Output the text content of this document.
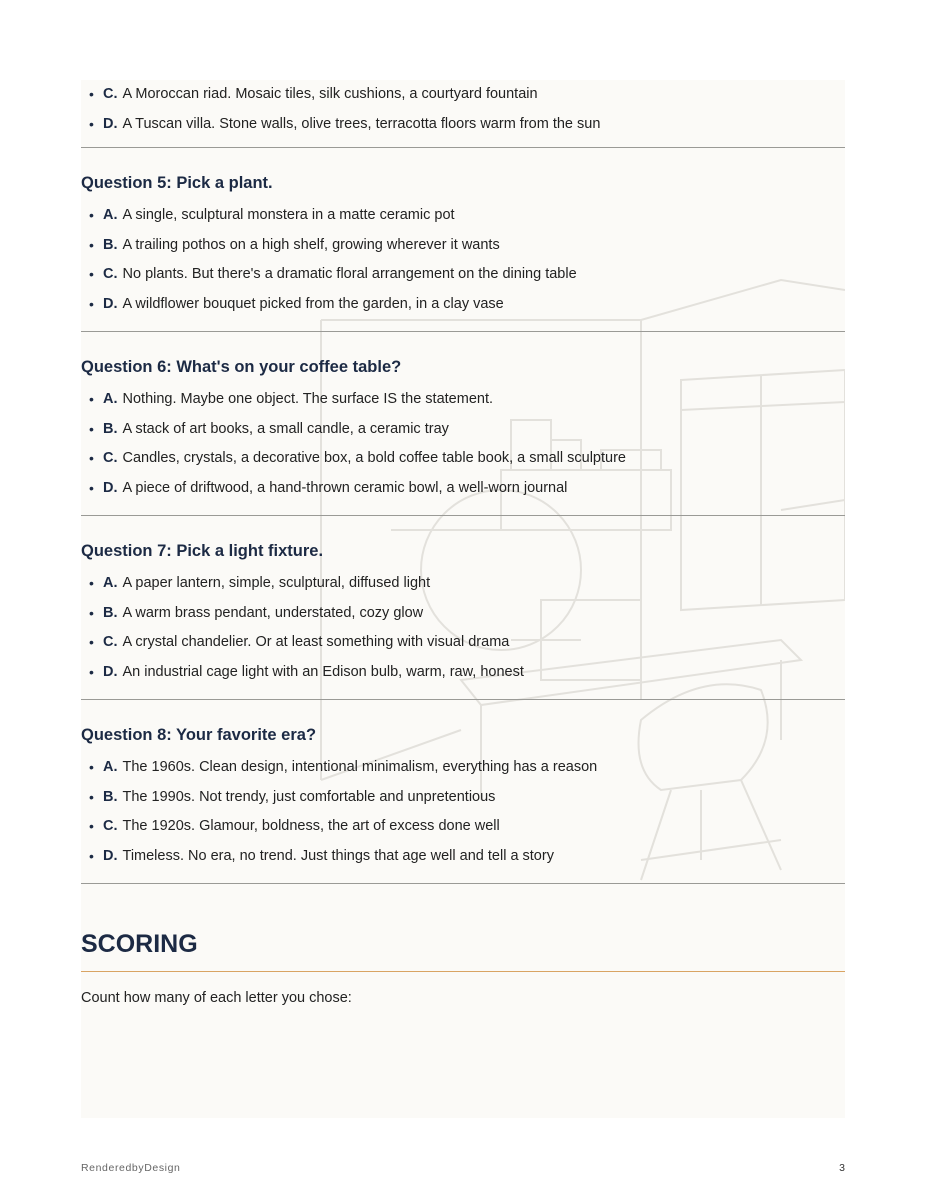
• C. A Moroccan riad. Mosaic tiles, silk cushions, a courtyard fountain
• D. A Tuscan villa. Stone walls, olive trees, terracotta floors warm from the sun
Question 5: Pick a plant.
• A. A single, sculptural monstera in a matte ceramic pot
• B. A trailing pothos on a high shelf, growing wherever it wants
• C. No plants. But there's a dramatic floral arrangement on the dining table
• D. A wildflower bouquet picked from the garden, in a clay vase
Question 6: What's on your coffee table?
• A. Nothing. Maybe one object. The surface IS the statement.
• B. A stack of art books, a small candle, a ceramic tray
• C. Candles, crystals, a decorative box, a bold coffee table book, a small sculpture
• D. A piece of driftwood, a hand-thrown ceramic bowl, a well-worn journal
Question 7: Pick a light fixture.
• A. A paper lantern, simple, sculptural, diffused light
• B. A warm brass pendant, understated, cozy glow
• C. A crystal chandelier. Or at least something with visual drama
• D. An industrial cage light with an Edison bulb, warm, raw, honest
Question 8: Your favorite era?
• A. The 1960s. Clean design, intentional minimalism, everything has a reason
• B. The 1990s. Not trendy, just comfortable and unpretentious
• C. The 1920s. Glamour, boldness, the art of excess done well
• D. Timeless. No era, no trend. Just things that age well and tell a story
SCORING

Count how many of each letter you chose:

RenderedbyDesign	3
